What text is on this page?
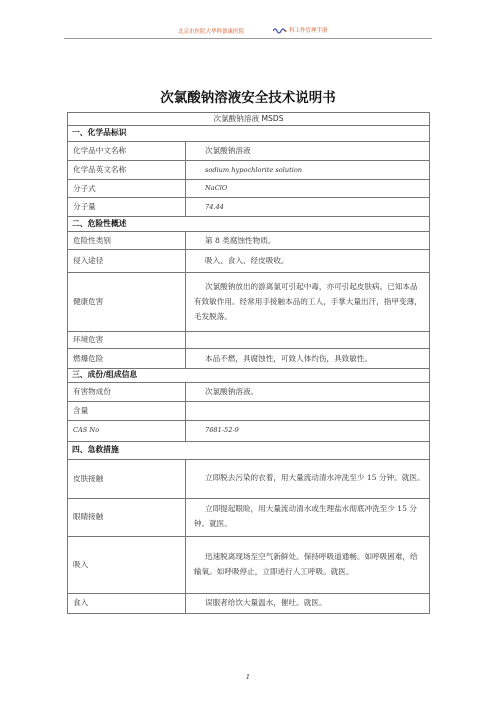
北京市医院大华科德康医院	科工作管理手册
次氯酸钠溶液安全技术说明书
次氯酸钠溶液 MSDS	
一、化学品标识	
化学品中文名称	次氯酸钠溶液
化学品英文名称	sodium hypochlorite solution
分子式	NaClO
分子量	74.44
二、危险性概述	
危险性类别	第 8 类腐蚀性物质。
侵入途径	吸入、食入、经皮吸收。
健康危害	次氯酸钠放出的游离氯可引起中毒，亦可引起皮肤病。已知本品有致敏作用。经常用手接触本品的工人，手掌大量出汗，指甲变薄，毛发脱落。
环境危害	
燃爆危险	本品不燃，具腐蚀性，可致人体灼伤，具致敏性。
三、成份/组成信息	
有害物成份	次氯酸钠溶液。
含量	
CAS No	7681-52-9
四、急救措施	
皮肤接触	立即脱去污染的衣着，用大量流动清水冲洗至少 15 分钟。就医。
眼睛接触	立即提起眼睑，用大量流动清水或生理盐水彻底冲洗至少 15 分钟。就医。
吸入	迅速脱离现场至空气新鲜处。保持呼吸道通畅。如呼吸困难，给输氧。如呼吸停止，立即进行人工呼吸。就医。
食入	误服者给饮大量温水，催吐。就医。
1
